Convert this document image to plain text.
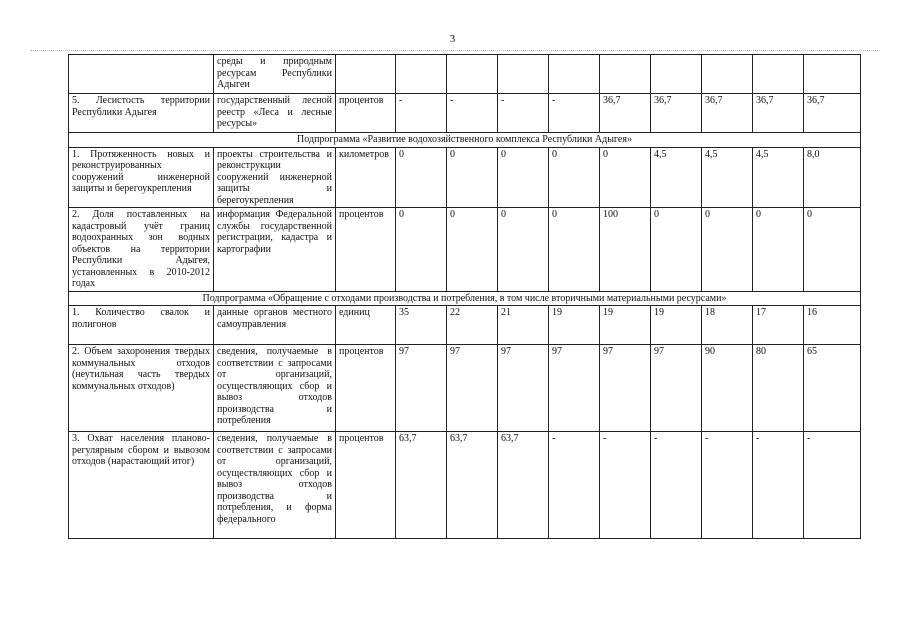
3
	среды и природным ресурсам Республики Адыгеи										
5. Лесистость территории Республики Адыгея	государственный лесной реестр «Леса и лесные ресурсы»	процентов	-	-	-	-	36,7	36,7	36,7	36,7	36,7
Подпрограмма «Развитие водохозяйственного комплекса Республики Адыгея»											
1. Протяженность новых и реконструированных сооружений инженерной защиты и берегоукрепления	проекты строительства и реконструкции сооружений инженерной защиты и берегоукрепления	километров	0	0	0	0	0	4,5	4,5	4,5	8,0
2. Доля поставленных на кадастровый учёт границ водоохранных зон водных объектов на территории Республики Адыгея, установленных в 2010-2012 годах	информация Федеральной службы государственной регистрации, кадастра и картографии	процентов	0	0	0	0	100	0	0	0	0
Подпрограмма «Обращение с отходами производства и потребления, в том числе вторичными материальными ресурсами»											
1. Количество свалок и полигонов	данные органов местного самоуправления	единиц	35	22	21	19	19	19	18	17	16
2. Объем захоронения твердых коммунальных отходов (неутильная часть твердых коммунальных отходов)	сведения, получаемые в соответствии с запросами от организаций, осуществляющих сбор и вывоз отходов производства и потребления	процентов	97	97	97	97	97	97	90	80	65
3. Охват населения планово-регулярным сбором и вывозом отходов (нарастающий итог)	сведения, получаемые в соответствии с запросами от организаций, осуществляющих сбор и вывоз отходов производства и потребления, и форма федерального	процентов	63,7	63,7	63,7	-	-	-	-	-	-
